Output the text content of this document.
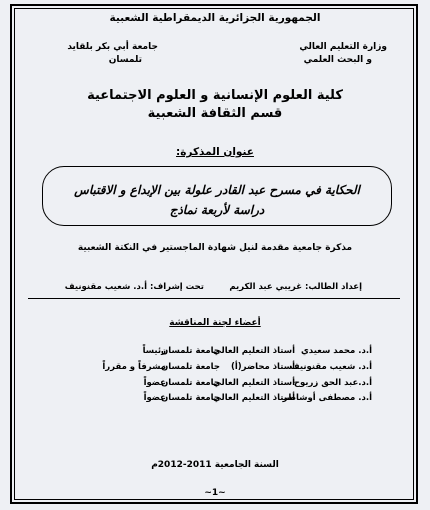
الجمهورية الجزائرية الديمقراطية الشعبية
وزارة التعليم العالي
و البحث العلمي
جامعة أبي بكر بلقايد
تلمسان
كلية العلوم الإنسانية و العلوم الاجتماعية
قسم الثقافة الشعبية
عنوان المذكرة:
الحكاية في مسرح عبد القادر علولة بين الإبداع و الاقتباس
دراسة لأربعة نماذج
مذكرة جامعية مقدمة لنيل شهادة الماجستير في النكتة الشعبية
إعداد الطالب: غريبي عبد الكريم
تحت إشراف: أ.د. شعيب مقنونيف
أعضاء لجنة المناقشة
أ.د. محمد سعيدي
أستاذ التعليم العالي
جامعة تلمسان
رئيساً
أ.د. شعيب مقنونيف
أستاذ محاضر(أ)
جامعة تلمسان
مشرفاً و مقرراً
أ.د.عبد الحق زريوح
أستاذ التعليم العالي
جامعة تلمسان
عضواً
أ.د. مصطفى أوشاطر
أستاذ التعليم العالي
جامعة تلمسان
عضواً
السنة الجامعية 2011-2012م
~1~
